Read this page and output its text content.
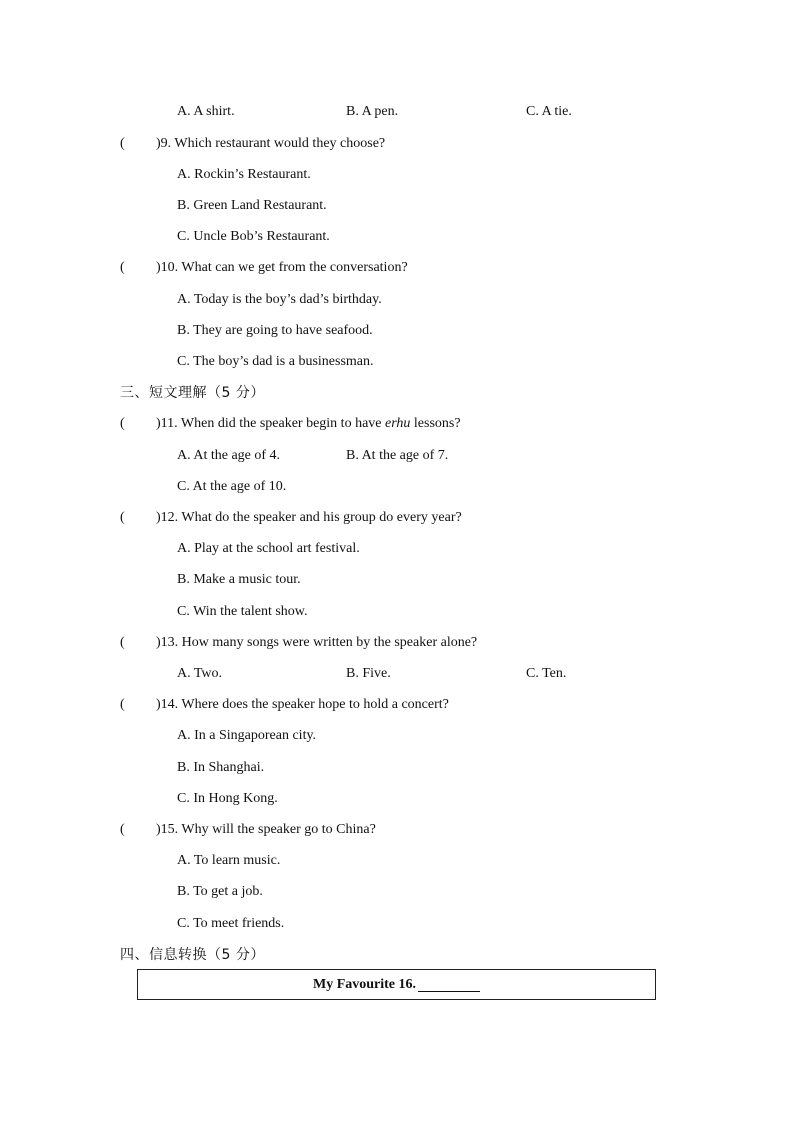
A. A shirt.	B. A pen.	C. A tie.
( )9. Which restaurant would they choose?
A. Rockin’s Restaurant.
B. Green Land Restaurant.
C. Uncle Bob’s Restaurant.
( )10. What can we get from the conversation?
A. Today is the boy’s dad’s birthday.
B. They are going to have seafood.
C. The boy’s dad is a businessman.
三、短文理解（5 分）
( )11. When did the speaker begin to have erhu lessons?
A. At the age of 4.	B. At the age of 7.
C. At the age of 10.
( )12. What do the speaker and his group do every year?
A. Play at the school art festival.
B. Make a music tour.
C. Win the talent show.
( )13. How many songs were written by the speaker alone?
A. Two.	B. Five.	C. Ten.
( )14. Where does the speaker hope to hold a concert?
A. In a Singaporean city.
B. In Shanghai.
C. In Hong Kong.
( )15. Why will the speaker go to China?
A. To learn music.
B. To get a job.
C. To meet friends.
四、信息转换（5 分）
My Favourite 16.
